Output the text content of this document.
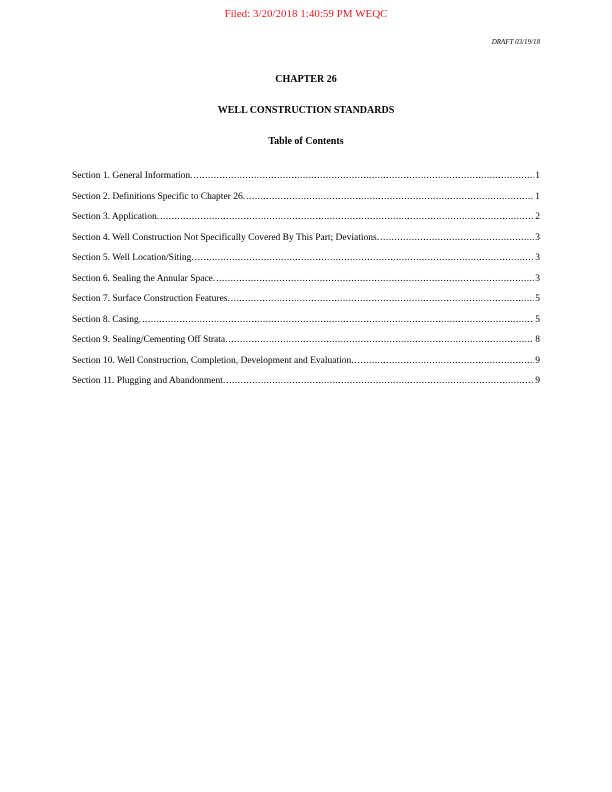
Filed: 3/20/2018 1:40:59 PM WEQC
DRAFT 03/19/18
CHAPTER 26
WELL CONSTRUCTION STANDARDS
Table of Contents
Section 1. General Information. .....	1
Section 2. Definitions Specific to Chapter 26. .....	1
Section 3. Application. .....	2
Section 4. Well Construction Not Specifically Covered By This Part; Deviations. .....	3
Section 5. Well Location/Siting. .....	3
Section 6. Sealing the Annular Space. .....	3
Section 7. Surface Construction Features. .....	5
Section 8. Casing. .....	5
Section 9. Sealing/Cementing Off Strata. .....	8
Section 10. Well Construction, Completion, Development and Evaluation. .....	9
Section 11. Plugging and Abandonment. .....	9
